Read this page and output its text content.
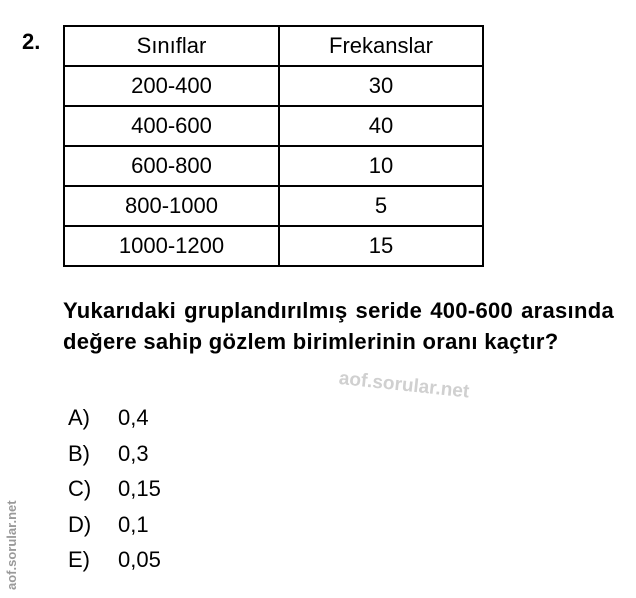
2.	Sınıflar	Frekanslar
200-400	30
400-600	40
600-800	10
800-1000	5
1000-1200	15
Yukarıdaki gruplandırılmış seride 400-600 arasında değere sahip gözlem birimlerinin oranı kaçtır?
A) 0,4
B) 0,3
C) 0,15
D) 0,1
E) 0,05
aof.sorular.net
aof.sorular.net
